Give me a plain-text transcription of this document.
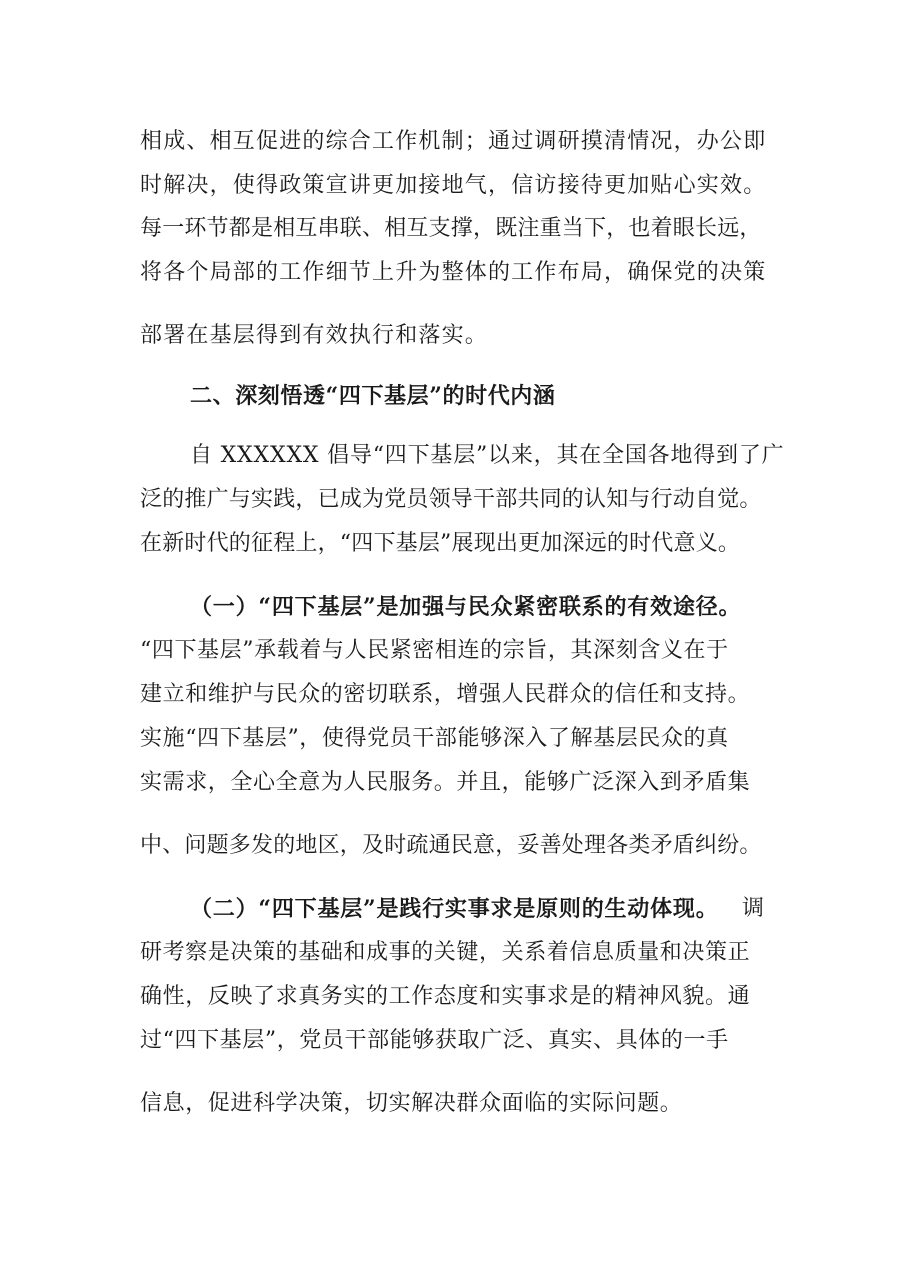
相成、相互促进的综合工作机制；通过调研摸清情况，办公即
时解决，使得政策宣讲更加接地气，信访接待更加贴心实效。
每一环节都是相互串联、相互支撑，既注重当下，也着眼长远，
将各个局部的工作细节上升为整体的工作布局，确保党的决策
部署在基层得到有效执行和落实。
二、深刻悟透“四下基层”的时代内涵
自 XXXXXX 倡导“四下基层”以来，其在全国各地得到了广
泛的推广与实践，已成为党员领导干部共同的认知与行动自觉。
在新时代的征程上，“四下基层”展现出更加深远的时代意义。
（一）“四下基层”是加强与民众紧密联系的有效途径。
“四下基层”承载着与人民紧密相连的宗旨，其深刻含义在于
建立和维护与民众的密切联系，增强人民群众的信任和支持。
实施“四下基层”，使得党员干部能够深入了解基层民众的真
实需求，全心全意为人民服务。并且，能够广泛深入到矛盾集
中、问题多发的地区，及时疏通民意，妥善处理各类矛盾纠纷。
（二）“四下基层”是践行实事求是原则的生动体现。 调
研考察是决策的基础和成事的关键，关系着信息质量和决策正
确性，反映了求真务实的工作态度和实事求是的精神风貌。通
过“四下基层”，党员干部能够获取广泛、真实、具体的一手
信息，促进科学决策，切实解决群众面临的实际问题。
